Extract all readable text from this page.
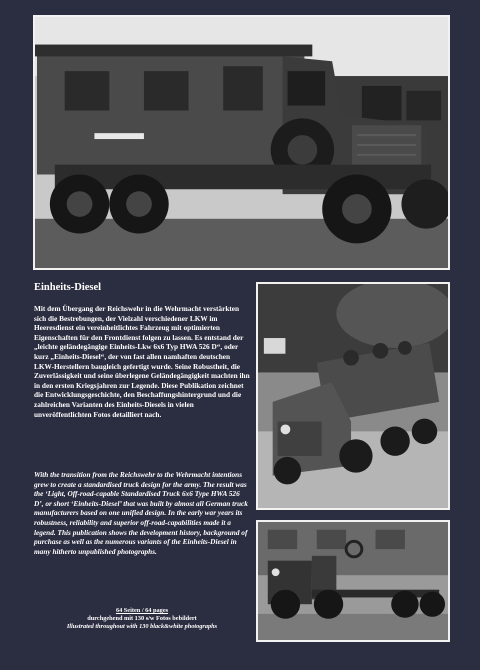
Einheits-Diesel

Mit dem Übergang der Reichswehr in die Wehrmacht verstärkten sich die Bestrebungen, der Vielzahl verschiedener LKW im Heeresdienst ein vereinheitlichtes Fahrzeug mit optimierten Eigenschaften für den Frontdienst folgen zu lassen. Es entstand der „leichte geländegängige Einheits-Lkw 6x6 Typ HWA 526 D“, oder kurz „Einheits-Diesel“, der von fast allen namhaften deutschen LKW-Herstellern baugleich gefertigt wurde. Seine Robustheit, die Zuverlässigkeit und seine überlegene Geländegängigkeit machten ihn in den ersten Kriegsjahren zur Legende. Diese Publikation zeichnet die Entwicklungsgeschichte, den Beschaffungshintergrund und die zahlreichen Varianten des Einheits-Diesels in vielen unveröffentlichten Fotos detailliert nach.

With the transition from the Reichswehr to the Wehrmacht intentions grew to create a standardised truck design for the army. The result was the ‘Light, Off-road-capable Standardised Truck 6x6 Type HWA 526 D’, or short ‘Einheits-Diesel’ that was built by almost all German truck manufacturers based on one unified design. In the early war years its robustness, reliability and superior off-road-capabilities made it a legend. This publication shows the development history, background of purchase as well as the numerous variants of the Einheits-Diesel in many hitherto unpublished photographs.

64 Seiten / 64 pages
durchgehend mit 130 s/w Fotos bebildert
Illustrated throughout with 130 black&white photographs
